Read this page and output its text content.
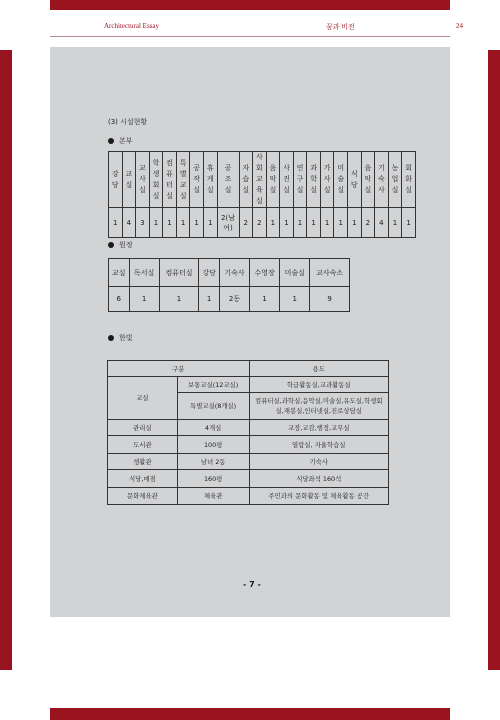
Architectural Essay	꿈과 비전	24
(3) 시설현황
본부
강당	교실	교사실	학생회실	컴퓨터실	특별교실	공작실	휴게실	공조실	자습실	사회교육실	음악실	사진실	연구실	과학실	가사실	미술실	식당	음악실	기숙사	농업실	회화실
1	4	3	1	1	1	1	1	2(남여)	2	2	1	1	1	1	1	1	1	2	4	1	1
원정
교실	독서실	컴퓨터실	강당	기숙사	수영장	미술실	교사숙소
6	1	1	1	2동	1	1	9
한빛
구분		용도
교실	보통교실(12교실)	학급활동실,교과활동실
	특별교실(8개실)	컴퓨터실,과학실,음악실,미술실,유도실,학생회실,재봉실,인터넷실,진로상담실
관리실	4개실	교장,교감,행정,교무실
도서관	100평	열람실, 자율학습실
생활관	남녀 2동	기숙사
식당,매점	160평	식당좌석 160석
문화체육관	체육관	주민과의 문화활동 및 체육활동 공간
- 7 -
